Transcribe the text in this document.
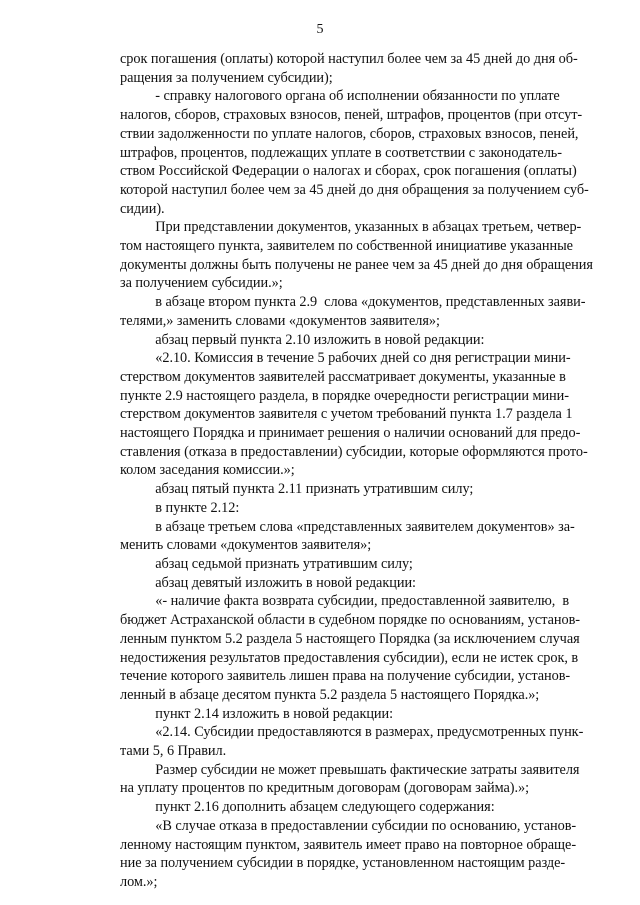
5

срок погашения (оплаты) которой наступил более чем за 45 дней до дня об-
ращения за получением субсидии);

- справку налогового органа об исполнении обязанности по уплате
налогов, сборов, страховых взносов, пеней, штрафов, процентов (при отсут-
ствии задолженности по уплате налогов, сборов, страховых взносов, пеней,
штрафов, процентов, подлежащих уплате в соответствии с законодатель-
ством Российской Федерации о налогах и сборах, срок погашения (оплаты)
которой наступил более чем за 45 дней до дня обращения за получением суб-
сидии).

При представлении документов, указанных в абзацах третьем, четвер-
том настоящего пункта, заявителем по собственной инициативе указанные
документы должны быть получены не ранее чем за 45 дней до дня обращения
за получением субсидии.»;

в абзаце втором пункта 2.9  слова «документов, представленных заяви-
телями,» заменить словами «документов заявителя»;

абзац первый пункта 2.10 изложить в новой редакции:

«2.10. Комиссия в течение 5 рабочих дней со дня регистрации мини-
стерством документов заявителей рассматривает документы, указанные в
пункте 2.9 настоящего раздела, в порядке очередности регистрации мини-
стерством документов заявителя с учетом требований пункта 1.7 раздела 1
настоящего Порядка и принимает решения о наличии оснований для предо-
ставления (отказа в предоставлении) субсидии, которые оформляются прото-
колом заседания комиссии.»;

абзац пятый пункта 2.11 признать утратившим силу;

в пункте 2.12:

в абзаце третьем слова «представленных заявителем документов» за-
менить словами «документов заявителя»;

абзац седьмой признать утратившим силу;

абзац девятый изложить в новой редакции:

«- наличие факта возврата субсидии, предоставленной заявителю,  в
бюджет Астраханской области в судебном порядке по основаниям, установ-
ленным пунктом 5.2 раздела 5 настоящего Порядка (за исключением случая
недостижения результатов предоставления субсидии), если не истек срок, в
течение которого заявитель лишен права на получение субсидии, установ-
ленный в абзаце десятом пункта 5.2 раздела 5 настоящего Порядка.»;

пункт 2.14 изложить в новой редакции:

«2.14. Субсидии предоставляются в размерах, предусмотренных пунк-
тами 5, 6 Правил.

Размер субсидии не может превышать фактические затраты заявителя
на уплату процентов по кредитным договорам (договорам займа).»;

пункт 2.16 дополнить абзацем следующего содержания:

«В случае отказа в предоставлении субсидии по основанию, установ-
ленному настоящим пунктом, заявитель имеет право на повторное обраще-
ние за получением субсидии в порядке, установленном настоящим разде-
лом.»;
